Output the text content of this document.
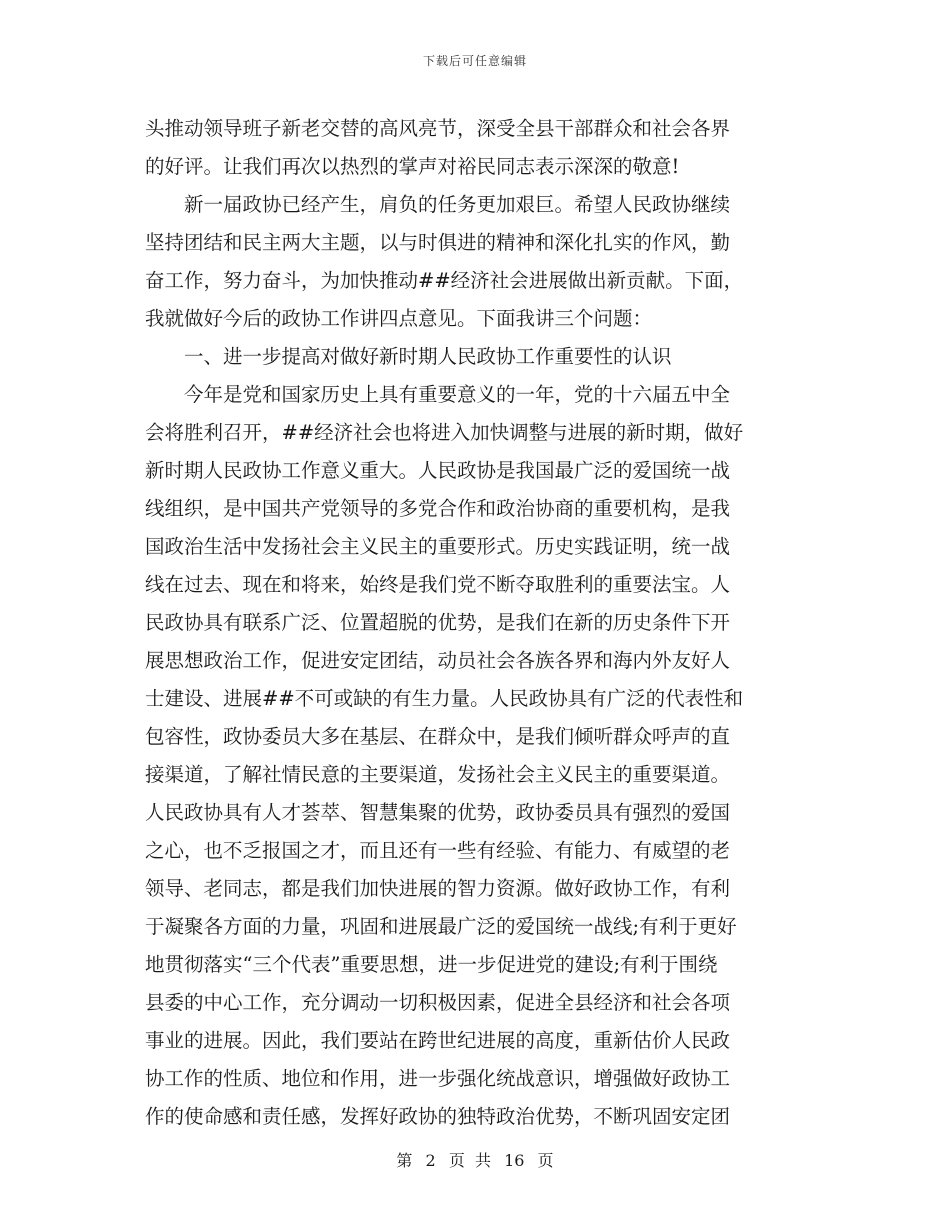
下载后可任意编辑
头推动领导班子新老交替的高风亮节，深受全县干部群众和社会各界
的好评。让我们再次以热烈的掌声对裕民同志表示深深的敬意!
　　新一届政协已经产生，肩负的任务更加艰巨。希望人民政协继续
坚持团结和民主两大主题，以与时俱进的精神和深化扎实的作风，勤
奋工作，努力奋斗，为加快推动##经济社会进展做出新贡献。下面，
我就做好今后的政协工作讲四点意见。下面我讲三个问题：
　　一、进一步提高对做好新时期人民政协工作重要性的认识
　　今年是党和国家历史上具有重要意义的一年，党的十六届五中全
会将胜利召开，##经济社会也将进入加快调整与进展的新时期，做好
新时期人民政协工作意义重大。人民政协是我国最广泛的爱国统一战
线组织，是中国共产党领导的多党合作和政治协商的重要机构，是我
国政治生活中发扬社会主义民主的重要形式。历史实践证明，统一战
线在过去、现在和将来，始终是我们党不断夺取胜利的重要法宝。人
民政协具有联系广泛、位置超脱的优势，是我们在新的历史条件下开
展思想政治工作，促进安定团结，动员社会各族各界和海内外友好人
士建设、进展##不可或缺的有生力量。人民政协具有广泛的代表性和
包容性，政协委员大多在基层、在群众中，是我们倾听群众呼声的直
接渠道，了解社情民意的主要渠道，发扬社会主义民主的重要渠道。
人民政协具有人才荟萃、智慧集聚的优势，政协委员具有强烈的爱国
之心，也不乏报国之才，而且还有一些有经验、有能力、有威望的老
领导、老同志，都是我们加快进展的智力资源。做好政协工作，有利
于凝聚各方面的力量，巩固和进展最广泛的爱国统一战线;有利于更好
地贯彻落实“三个代表”重要思想，进一步促进党的建设;有利于围绕
县委的中心工作，充分调动一切积极因素，促进全县经济和社会各项
事业的进展。因此，我们要站在跨世纪进展的高度，重新估价人民政
协工作的性质、地位和作用，进一步强化统战意识，增强做好政协工
作的使命感和责任感，发挥好政协的独特政治优势，不断巩固安定团
第 2 页  共 16 页
